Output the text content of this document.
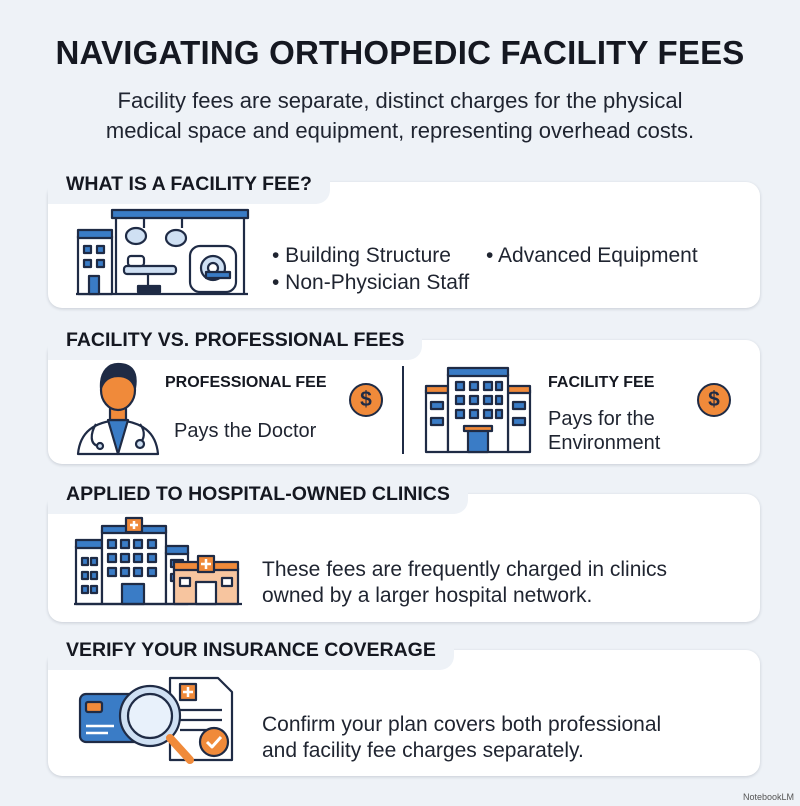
NAVIGATING ORTHOPEDIC FACILITY FEES
Facility fees are separate, distinct charges for the physical
medical space and equipment, representing overhead costs.
WHAT IS A FACILITY FEE?
• Building Structure • Advanced Equipment
• Non-Physician Staff
FACILITY VS. PROFESSIONAL FEES
PROFESSIONAL FEE
Pays the Doctor
$
FACILITY FEE
Pays for the
Environment
$
APPLIED TO HOSPITAL-OWNED CLINICS
These fees are frequently charged in clinics
owned by a larger hospital network.
VERIFY YOUR INSURANCE COVERAGE
Confirm your plan covers both professional
and facility fee charges separately.
NotebookLM
